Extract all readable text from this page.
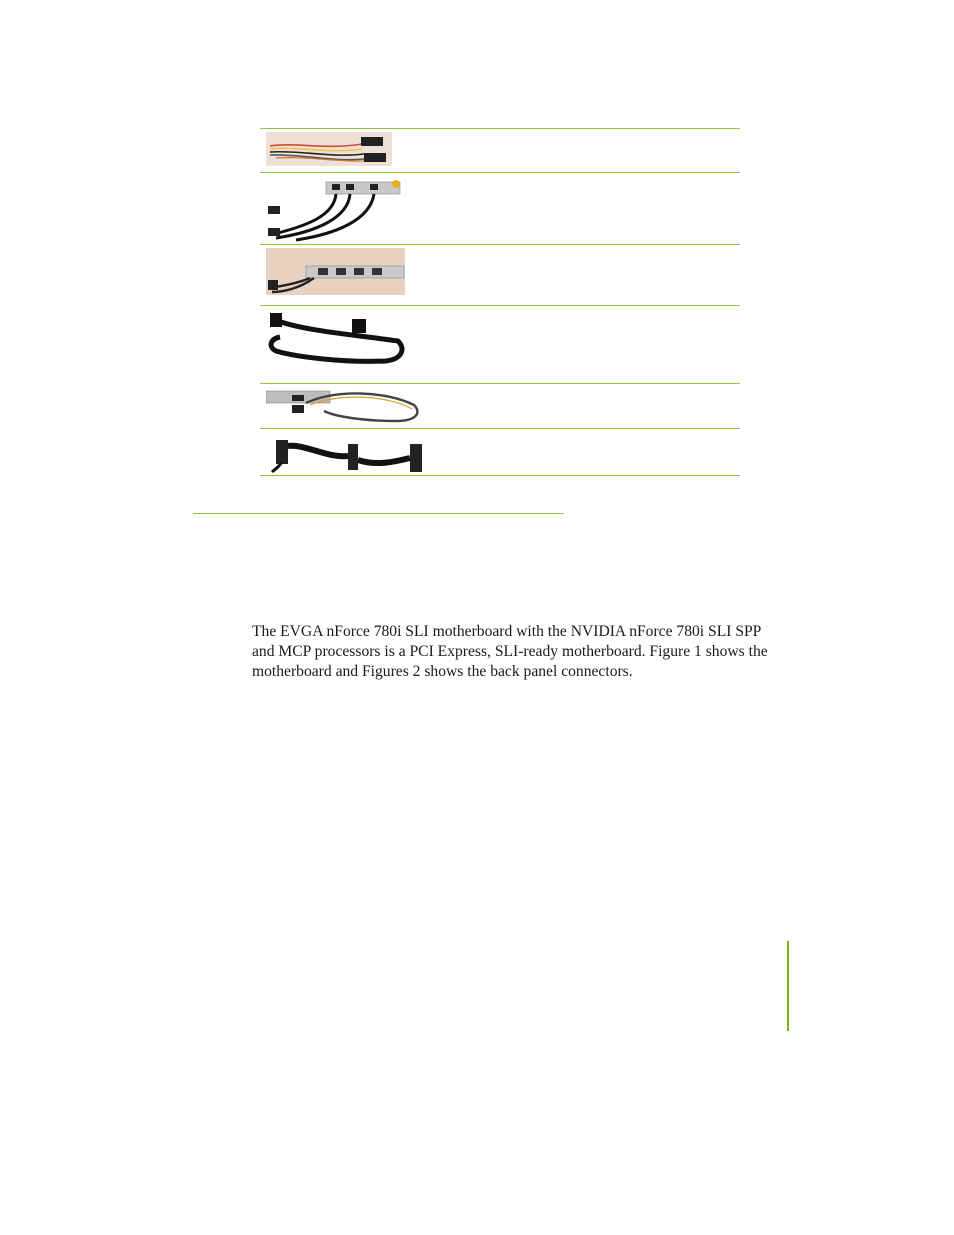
The EVGA nForce 780i SLI motherboard with the NVIDIA nForce 780i SLI SPP and MCP processors is a PCI Express, SLI-ready motherboard. Figure 1 shows the motherboard and Figures 2 shows the back panel connectors.
